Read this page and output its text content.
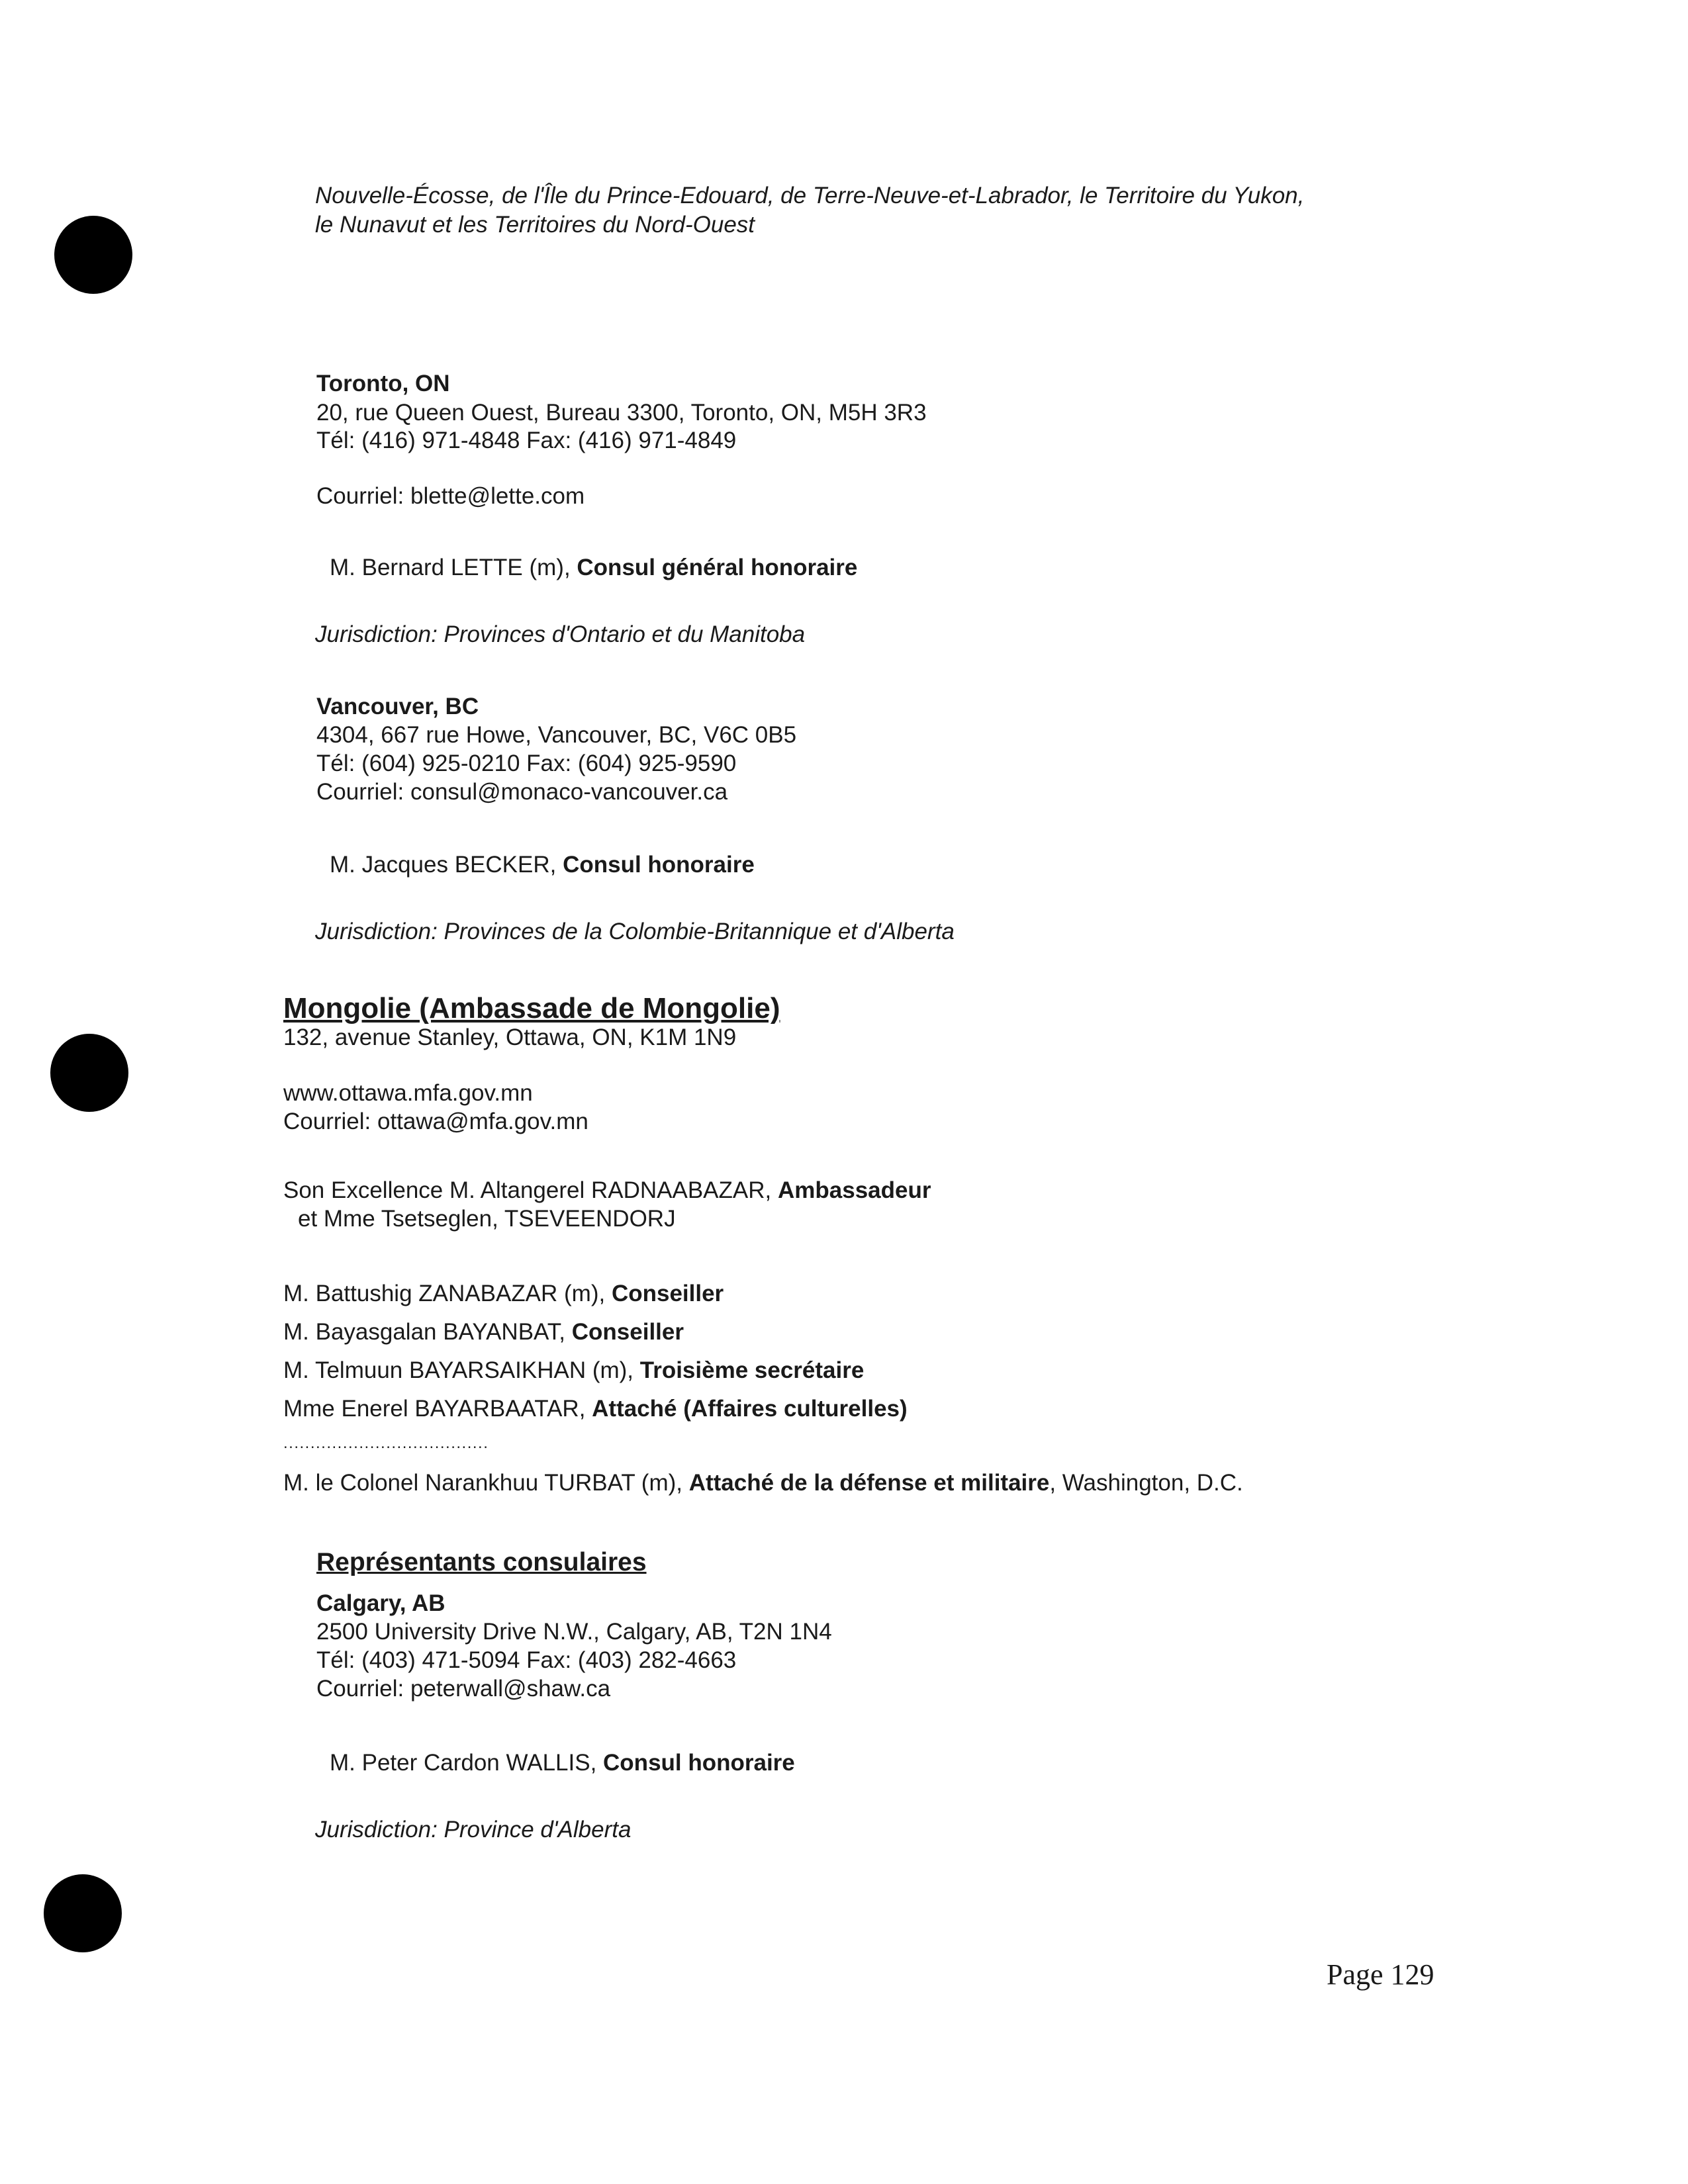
Nouvelle-Écosse, de l'Île du Prince-Edouard, de Terre-Neuve-et-Labrador, le Territoire du Yukon,
le Nunavut et les Territoires du Nord-Ouest
Toronto, ON
20, rue Queen Ouest, Bureau 3300, Toronto, ON, M5H 3R3
Tél: (416) 971-4848 Fax: (416) 971-4849
Courriel: blette@lette.com
M. Bernard LETTE (m), Consul général honoraire
Jurisdiction: Provinces d'Ontario et du Manitoba
Vancouver, BC
4304, 667 rue Howe, Vancouver, BC, V6C 0B5
Tél: (604) 925-0210 Fax: (604) 925-9590
Courriel: consul@monaco-vancouver.ca
M. Jacques BECKER, Consul honoraire
Jurisdiction: Provinces de la Colombie-Britannique et d'Alberta
Mongolie (Ambassade de Mongolie)
132, avenue Stanley, Ottawa, ON, K1M 1N9
www.ottawa.mfa.gov.mn
Courriel: ottawa@mfa.gov.mn
Son Excellence M. Altangerel RADNAABAZAR, Ambassadeur
et Mme Tsetseglen, TSEVEENDORJ
M. Battushig ZANABAZAR (m), Conseiller
M. Bayasgalan BAYANBAT, Conseiller
M. Telmuun BAYARSAIKHAN (m), Troisième secrétaire
Mme Enerel BAYARBAATAR, Attaché (Affaires culturelles)
......................................
M. le Colonel Narankhuu TURBAT (m), Attaché de la défense et militaire, Washington, D.C.
Représentants consulaires
Calgary, AB
2500 University Drive N.W., Calgary, AB, T2N 1N4
Tél: (403) 471-5094 Fax: (403) 282-4663
Courriel: peterwall@shaw.ca
M. Peter Cardon WALLIS, Consul honoraire
Jurisdiction: Province d'Alberta
Page 129
